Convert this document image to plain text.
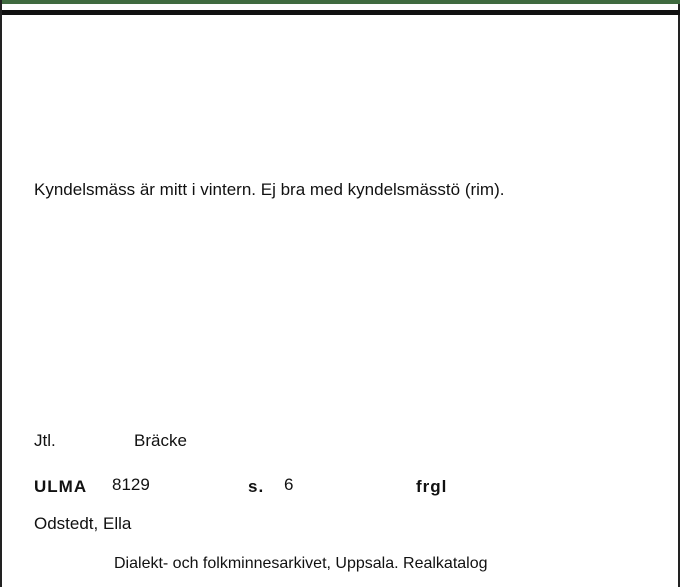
Kyndelsmäss är mitt i vintern. Ej bra med kyndelsmässtö (rim).
Jtl.	Bräcke
ULMA 8129	s. 6	frgl
Odstedt, Ella
Dialekt- och folkminnesarkivet, Uppsala. Realkatalog
